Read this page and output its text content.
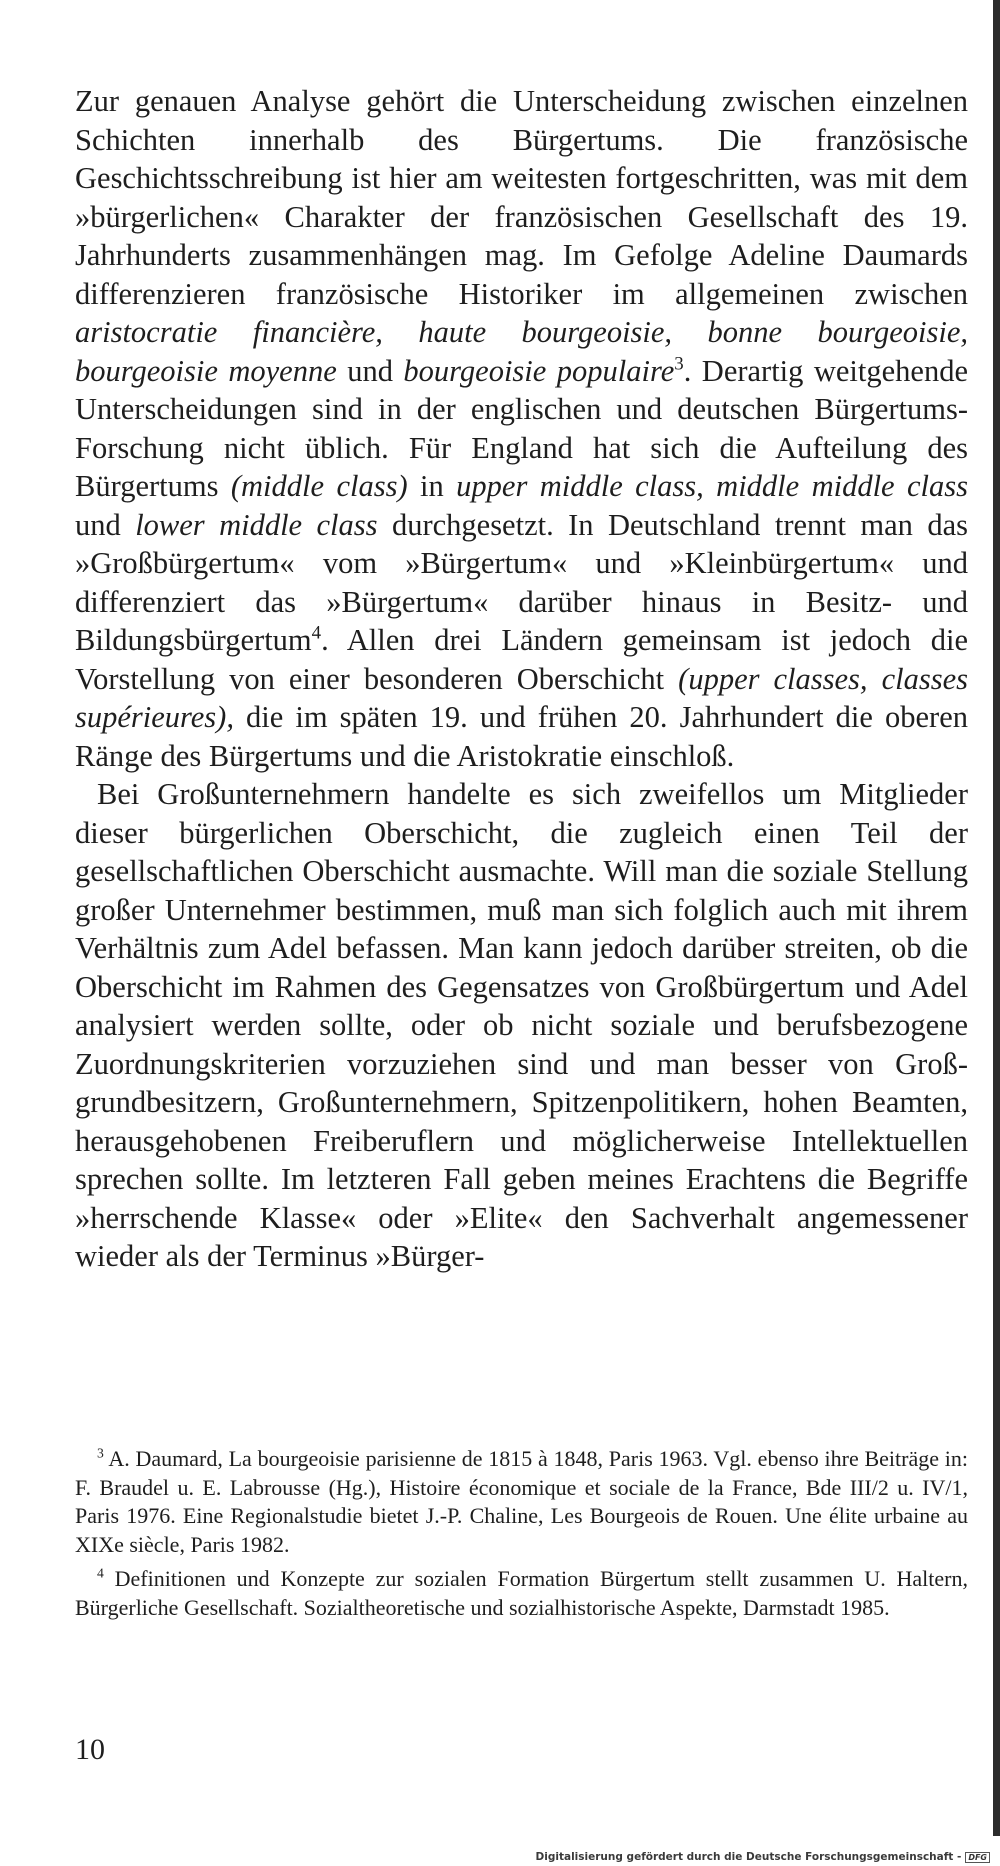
Zur genauen Analyse gehört die Unterscheidung zwischen einzelnen Schichten innerhalb des Bürgertums. Die französische Geschichtsschreibung ist hier am weitesten fortgeschritten, was mit dem »bürgerlichen« Charakter der französischen Gesellschaft des 19. Jahrhunderts zusammenhängen mag. Im Gefolge Adeline Daumards differenzieren französische Historiker im allgemeinen zwischen aristocratie financière, haute bourgeoisie, bonne bourgeoisie, bourgeoisie moyenne und bourgeoisie populaire$^3$. Derartig weitgehende Unterscheidungen sind in der englischen und deutschen Bürgertums-Forschung nicht üblich. Für England hat sich die Aufteilung des Bürgertums (middle class) in upper middle class, middle middle class und lower middle class durchgesetzt. In Deutschland trennt man das »Großbürgertum« vom »Bürgertum« und »Kleinbürgertum« und differenziert das »Bürgertum« darüber hinaus in Besitz- und Bildungsbürgertum$^4$. Allen drei Ländern gemeinsam ist jedoch die Vorstellung von einer besonderen Oberschicht (upper classes, classes supérieures), die im späten 19. und frühen 20. Jahrhundert die oberen Ränge des Bürgertums und die Aristokratie einschloß.

Bei Großunternehmern handelte es sich zweifellos um Mitglieder dieser bürgerlichen Oberschicht, die zugleich einen Teil der gesellschaftlichen Oberschicht ausmachte. Will man die soziale Stellung großer Unternehmer bestimmen, muß man sich folglich auch mit ihrem Verhältnis zum Adel befassen. Man kann jedoch darüber streiten, ob die Oberschicht im Rahmen des Gegensatzes von Großbürgertum und Adel analysiert werden sollte, oder ob nicht soziale und berufsbezogene Zuordnungskriterien vorzuziehen sind und man besser von Großgrundbesitzern, Großunternehmern, Spitzenpolitikern, hohen Beamten, herausgehobenen Freiberuflern und möglicherweise Intellektuellen sprechen sollte. Im letzteren Fall geben meines Erachtens die Begriffe »herrschende Klasse« oder »Elite« den Sachverhalt angemessener wieder als der Terminus »Bürger-

$^3$ A. Daumard, La bourgeoisie parisienne de 1815 à 1848, Paris 1963. Vgl. ebenso ihre Beiträge in: F. Braudel u. E. Labrousse (Hg.), Histoire économique et sociale de la France, Bde III/2 u. IV/1, Paris 1976. Eine Regionalstudie bietet J.-P. Chaline, Les Bourgeois de Rouen. Une élite urbaine au XIXe siècle, Paris 1982.

$^4$ Definitionen und Konzepte zur sozialen Formation Bürgertum stellt zusammen U. Haltern, Bürgerliche Gesellschaft. Sozialtheoretische und sozialhistorische Aspekte, Darmstadt 1985.

10
Digitalisierung gefördert durch die Deutsche Forschungsgemeinschaft - DFG
